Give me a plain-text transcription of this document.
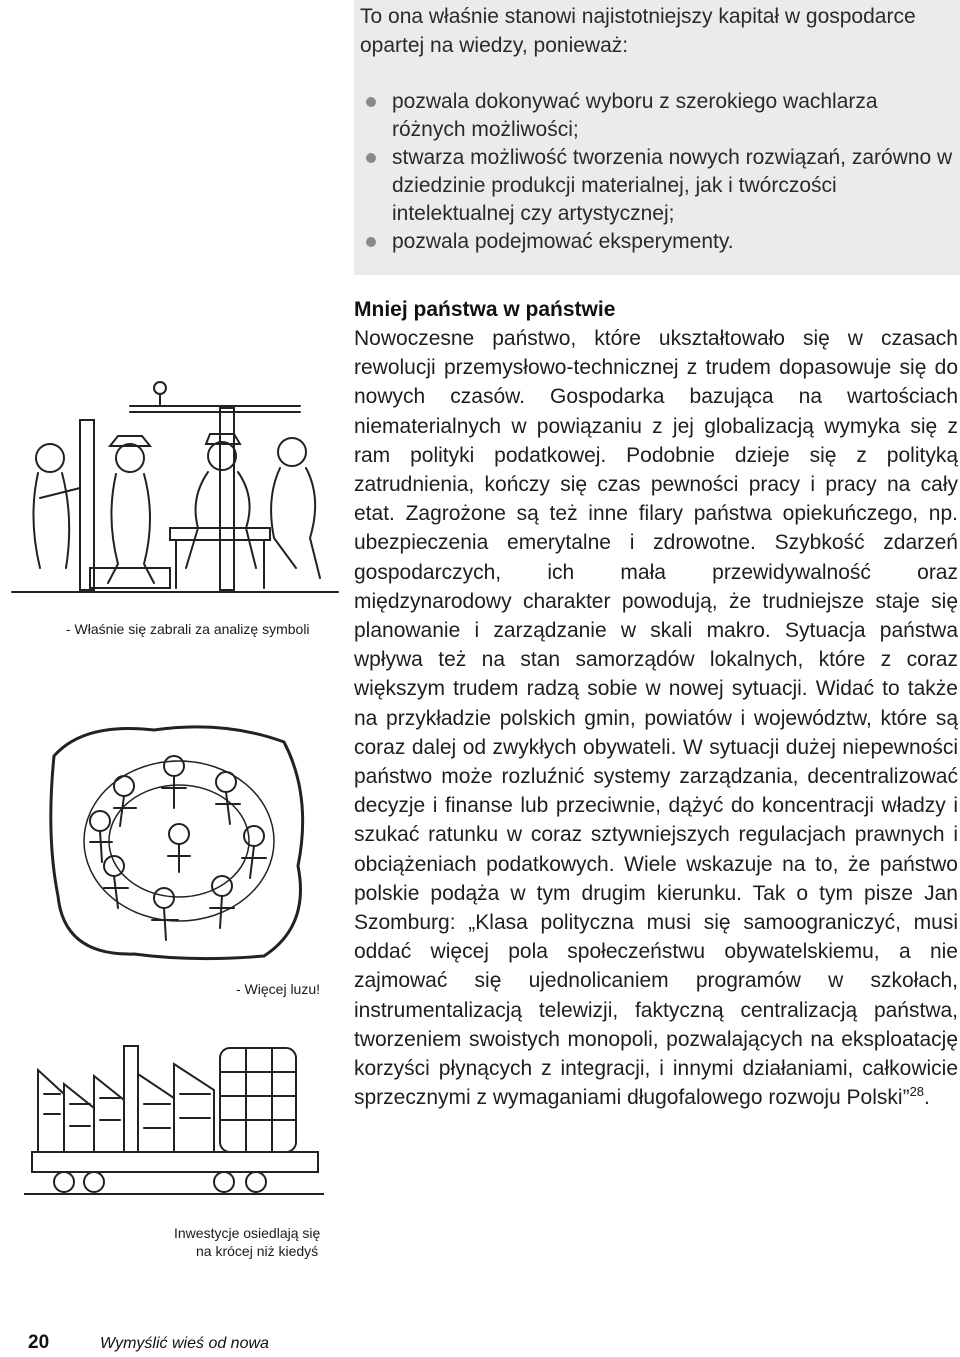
To ona właśnie stanowi najistotniejszy kapitał w gospodarce opartej na wiedzy, ponieważ:
pozwala dokonywać wyboru z szerokiego wachlarza różnych możliwości;
stwarza możliwość tworzenia nowych rozwiązań, zarówno w dziedzinie produkcji materialnej, jak i twórczości intelektualnej czy artystycznej;
pozwala podejmować eksperymenty.
Mniej państwa w państwie
Nowoczesne państwo, które ukształtowało się w czasach rewolucji przemysłowo-technicznej z trudem dopasowuje się do nowych czasów. Gospodarka bazująca na wartościach niematerialnych w powiązaniu z jej globalizacją wymyka się z ram polityki podatkowej. Podobnie dzieje się z polityką zatrudnienia, kończy się czas pewności pracy i pracy na cały etat. Zagrożone są też inne filary państwa opiekuńczego, np. ubezpieczenia emerytalne i zdrowotne. Szybkość zdarzeń gospodarczych, ich mała przewidywalność oraz międzynarodowy charakter powodują, że trudniejsze staje się planowanie i zarządzanie w skali makro. Sytuacja państwa wpływa też na stan samorządów lokalnych, które z coraz większym trudem radzą sobie w nowej sytuacji. Widać to także na przykładzie polskich gmin, powiatów i województw, które są coraz dalej od zwykłych obywateli. W sytuacji dużej niepewności państwo może rozluźnić systemy zarządzania, decentralizować decyzje i finanse lub przeciwnie, dążyć do koncentracji władzy i szukać ratunku w coraz sztywniejszych regulacjach prawnych i obciążeniach podatkowych. Wiele wskazuje na to, że państwo polskie podąża w tym drugim kierunku. Tak o tym pisze Jan Szomburg: „Klasa polityczna musi się samoograniczyć, musi oddać więcej pola społeczeństwu obywatelskiemu, a nie zajmować się ujednolicaniem programów w szkołach, instrumentalizacją telewizji, faktyczną centralizacją państwa, tworzeniem swoistych monopoli, pozwalających na eksploatację korzyści płynących z integracji, i innymi działaniami, całkowicie sprzecznymi z wymaganiami długofalowego rozwoju Polski”$^{28}$.
- Właśnie się zabrali za analizę symboli
- Więcej luzu!
Inwestycje osiedlają się
na krócej niż kiedyś
20	Wymyślić wieś od nowa
